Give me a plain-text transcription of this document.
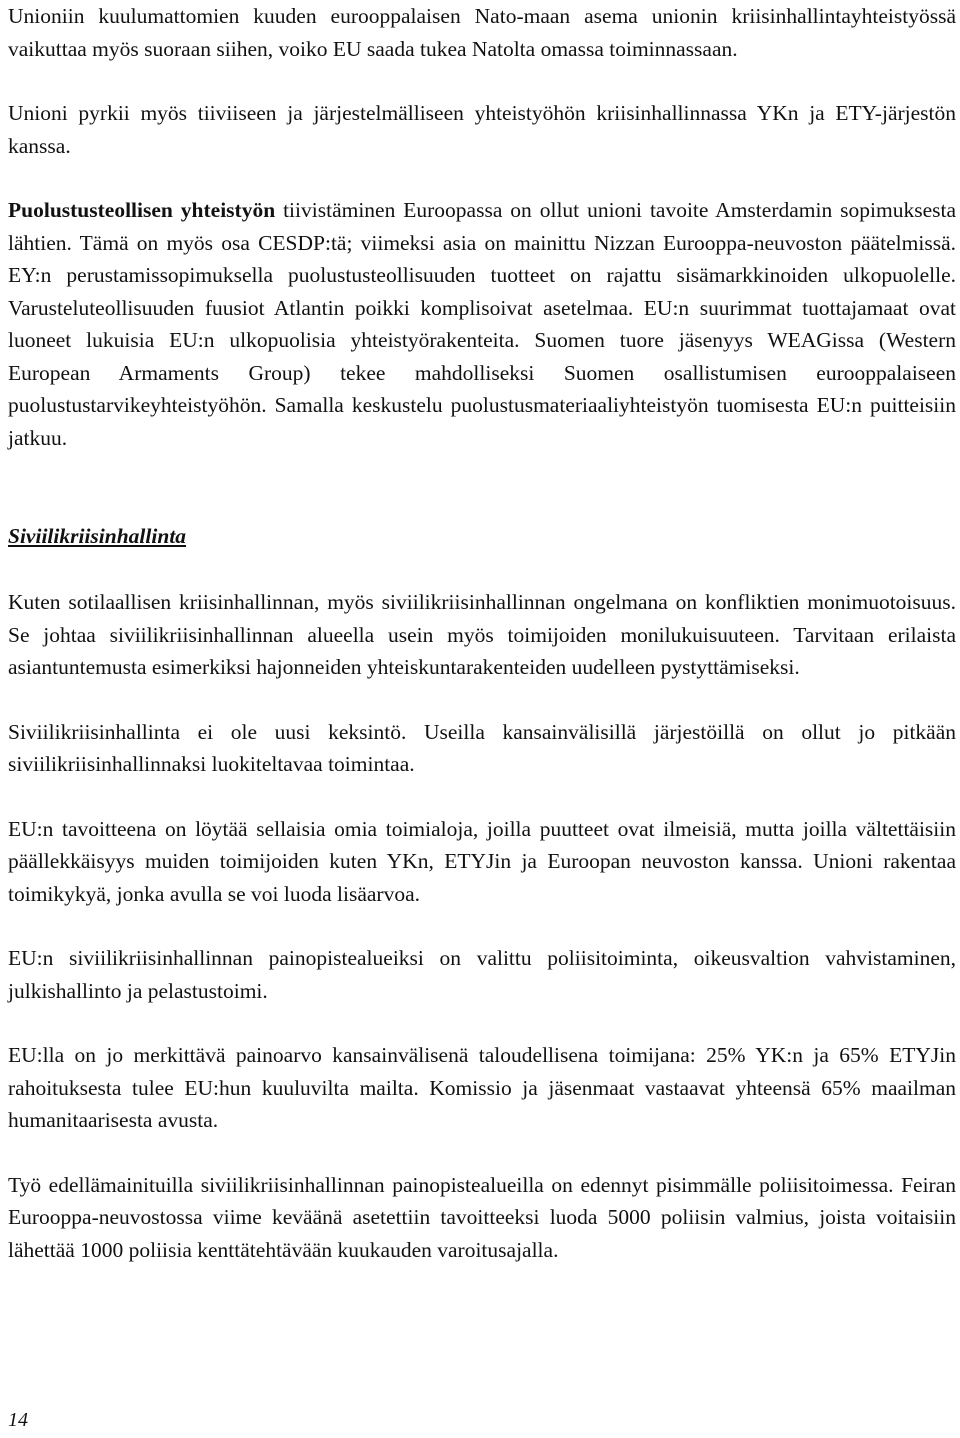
Unioniin kuulumattomien kuuden eurooppalaisen Nato-maan asema unionin kriisinhallintayhteistyössä vaikuttaa myös suoraan siihen, voiko EU saada tukea Natolta omassa toiminnassaan.

Unioni pyrkii myös tiiviiseen ja järjestelmälliseen yhteistyöhön kriisinhallinnassa YKn ja ETY-järjestön kanssa.

Puolustusteollisen yhteistyön tiivistäminen Euroopassa on ollut unioni tavoite Amsterdamin sopimuksesta lähtien. Tämä on myös osa CESDP:tä; viimeksi asia on mainittu Nizzan Eurooppa-neuvoston päätelmissä. EY:n perustamissopimuksella puolustusteollisuuden tuotteet on rajattu sisämarkkinoiden ulkopuolelle. Varusteluteollisuuden fuusiot Atlantin poikki komplisoivat asetelmaa. EU:n suurimmat tuottajamaat ovat luoneet lukuisia EU:n ulkopuolisia yhteistyörakenteita. Suomen tuore jäsenyys WEAGissa (Western European Armaments Group) tekee mahdolliseksi Suomen osallistumisen eurooppalaiseen puolustustarvikeyhteistyöhön. Samalla keskustelu puolustusmateriaaliyhteistyön tuomisesta EU:n puitteisiin jatkuu.

Siviilikriisinhallinta

Kuten sotilaallisen kriisinhallinnan, myös siviilikriisinhallinnan ongelmana on konfliktien monimuotoisuus. Se johtaa siviilikriisinhallinnan alueella usein myös toimijoiden monilukuisuuteen. Tarvitaan erilaista asiantuntemusta esimerkiksi hajonneiden yhteiskuntarakenteiden uudelleen pystyttämiseksi.

Siviilikriisinhallinta ei ole uusi keksintö. Useilla kansainvälisillä järjestöillä on ollut jo pitkään siviilikriisinhallinnaksi luokiteltavaa toimintaa.

EU:n tavoitteena on löytää sellaisia omia toimialoja, joilla puutteet ovat ilmeisiä, mutta joilla vältettäisiin päällekkäisyys muiden toimijoiden kuten YKn, ETYJin ja Euroopan neuvoston kanssa. Unioni rakentaa toimikykyä, jonka avulla se voi luoda lisäarvoa.

EU:n siviilikriisinhallinnan painopistealueiksi on valittu poliisitoiminta, oikeusvaltion vahvistaminen, julkishallinto ja pelastustoimi.

EU:lla on jo merkittävä painoarvo kansainvälisenä taloudellisena toimijana: 25% YK:n ja 65% ETYJin rahoituksesta tulee EU:hun kuuluvilta mailta. Komissio ja jäsenmaat vastaavat yhteensä 65% maailman humanitaarisesta avusta.

Työ edellämainituilla siviilikriisinhallinnan painopistealueilla on edennyt pisimmälle poliisitoimessa. Feiran Eurooppa-neuvostossa viime keväänä asetettiin tavoitteeksi luoda 5000 poliisin valmius, joista voitaisiin lähettää 1000 poliisia kenttätehtävään kuukauden varoitusajalla.

14
